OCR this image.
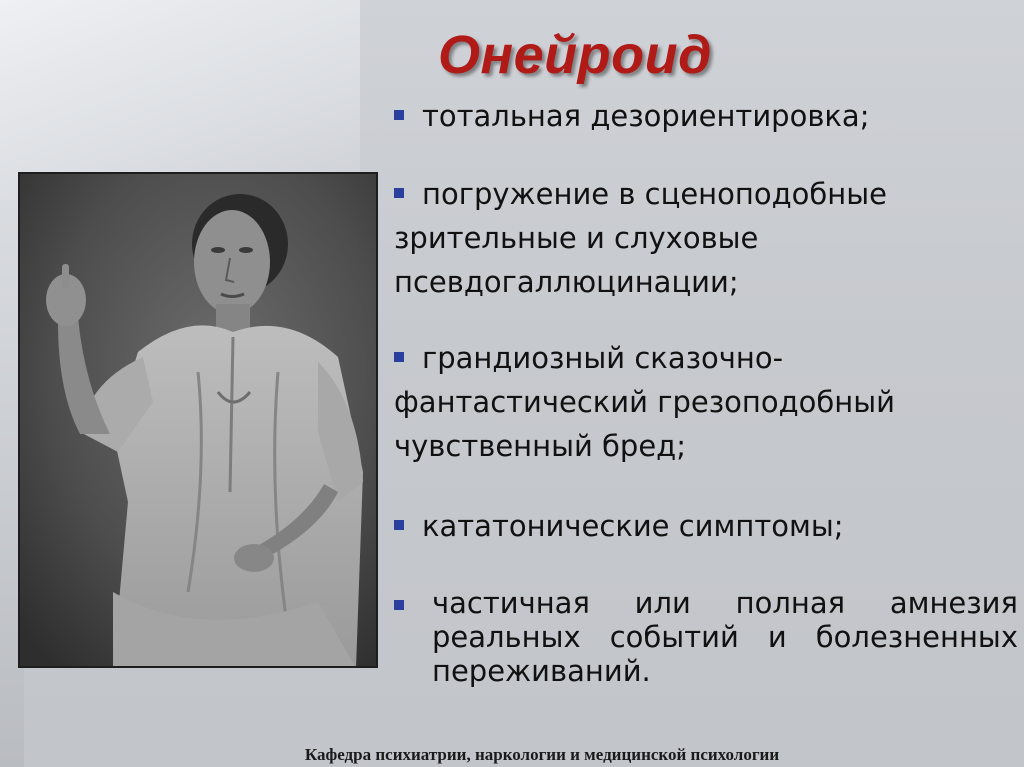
Онейроид
тотальная дезориентировка;
погружение в сценоподобные
зрительные и слуховые
псевдогаллюцинации;
грандиозный сказочно-
фантастический грезоподобный
чувственный бред;
кататонические симптомы;
частичная или полная амнезия
реальных событий и болезненных
переживаний.
Кафедра психиатрии, наркологии и медицинской психологии
